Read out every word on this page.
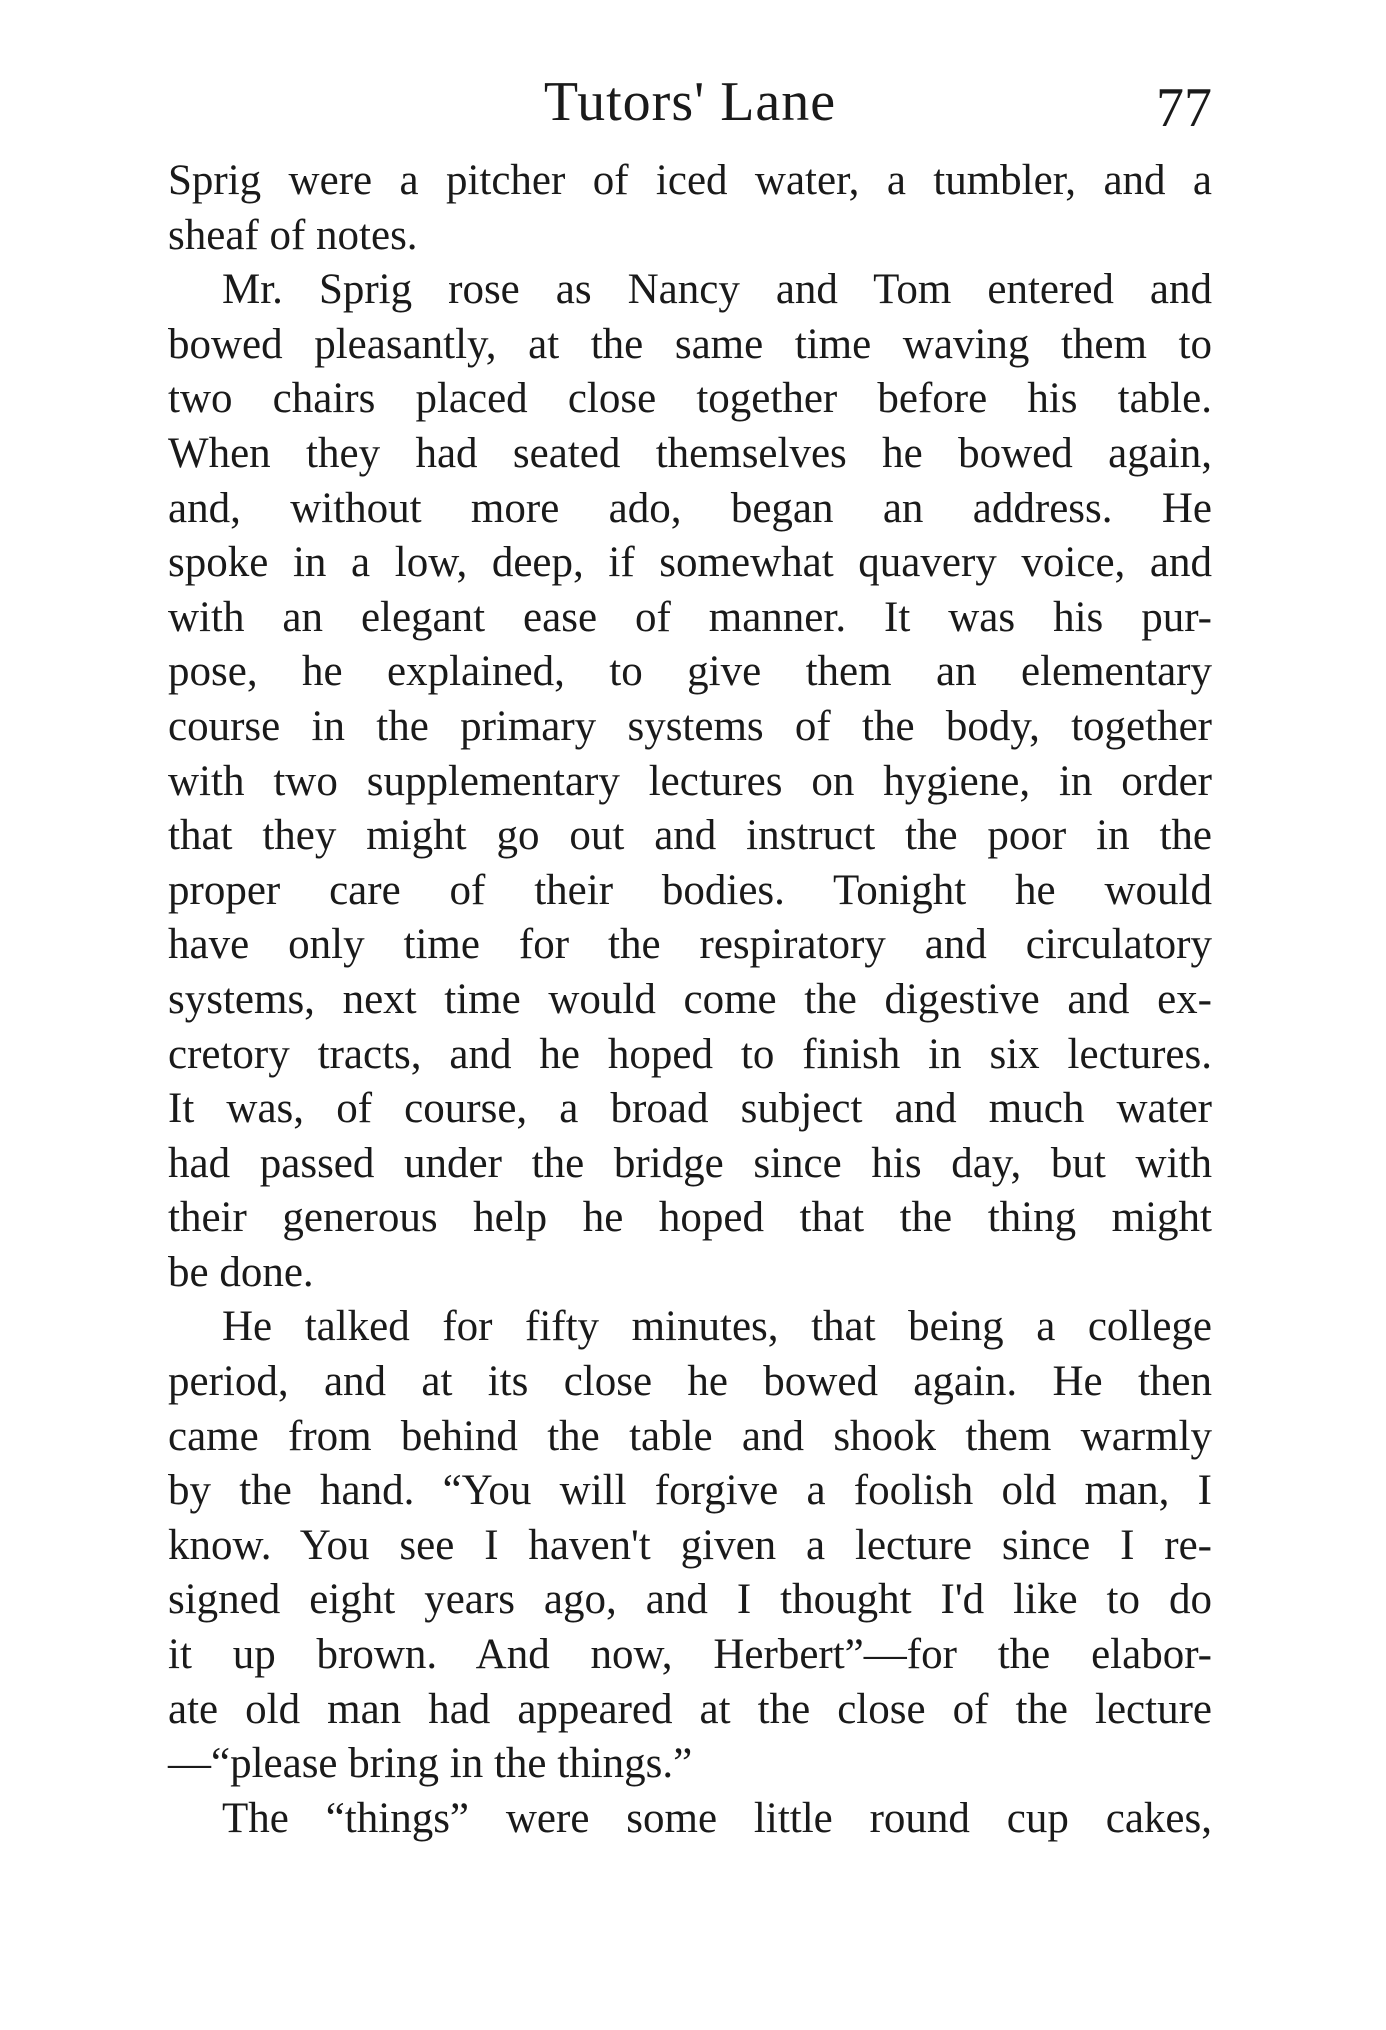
Tutors' Lane	77

Sprig were a pitcher of iced water, a tumbler, and a
sheaf of notes.

Mr. Sprig rose as Nancy and Tom entered and
bowed pleasantly, at the same time waving them to
two chairs placed close together before his table.
When they had seated themselves he bowed again,
and, without more ado, began an address. He
spoke in a low, deep, if somewhat quavery voice, and
with an elegant ease of manner. It was his pur-
pose, he explained, to give them an elementary
course in the primary systems of the body, together
with two supplementary lectures on hygiene, in order
that they might go out and instruct the poor in the
proper care of their bodies. Tonight he would
have only time for the respiratory and circulatory
systems, next time would come the digestive and ex-
cretory tracts, and he hoped to finish in six lectures.
It was, of course, a broad subject and much water
had passed under the bridge since his day, but with
their generous help he hoped that the thing might
be done.

He talked for fifty minutes, that being a college
period, and at its close he bowed again. He then
came from behind the table and shook them warmly
by the hand. “You will forgive a foolish old man, I
know. You see I haven't given a lecture since I re-
signed eight years ago, and I thought I'd like to do
it up brown. And now, Herbert”—for the elabor-
ate old man had appeared at the close of the lecture
—“please bring in the things.”

The “things” were some little round cup cakes,
